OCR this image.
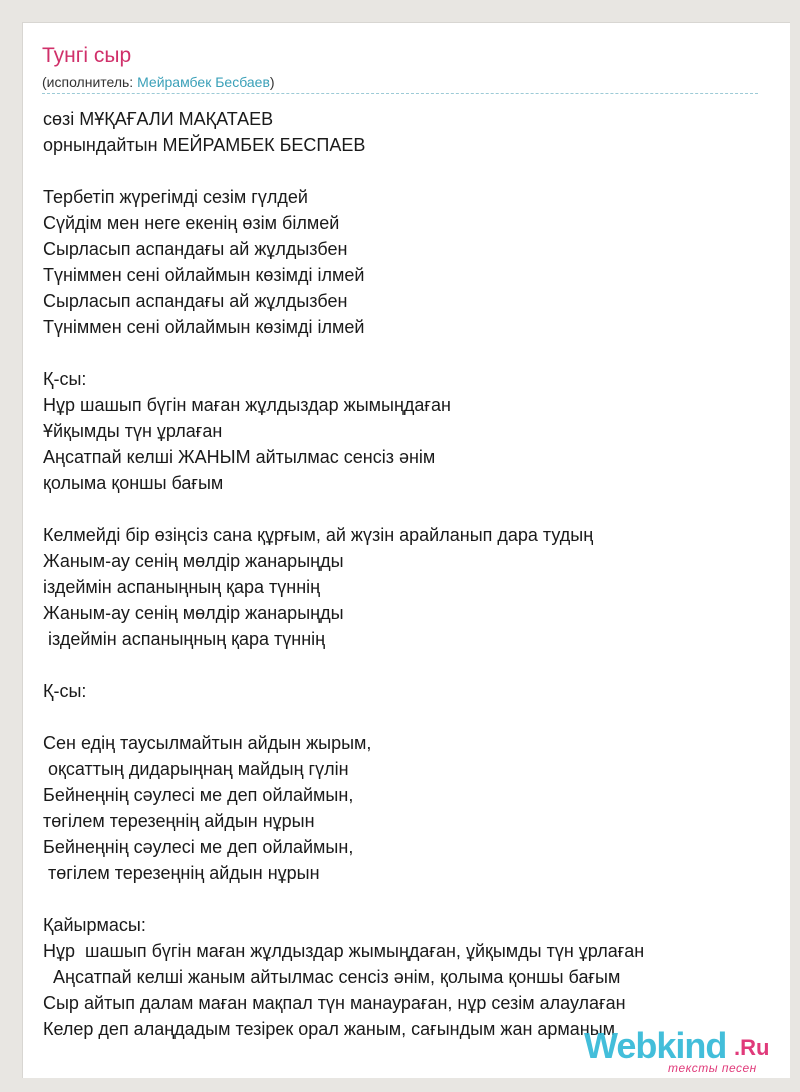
Тунгі сыр
(исполнитель: Мейрамбек Бесбаев)
сөзі МҰҚАҒАЛИ МАҚАТАЕВ
орнындайтын МЕЙРАМБЕК БЕСПАЕВ
Тербетіп жүрегімді сезім гүлдей
Сүйдім мен неге екенің өзім білмей
Сырласып аспандағы ай жұлдызбен
Түніммен сені ойлаймын көзімді ілмей
Сырласып аспандағы ай жұлдызбен
Түніммен сені ойлаймын көзімді ілмей
Қ-сы:
Нұр шашып бүгін маған жұлдыздар жымыңдаған
Ұйқымды түн ұрлаған
Аңсатпай келші ЖАНЫМ айтылмас сенсіз әнім
қолыма қоншы бағым
Келмейді бір өзіңсіз сана құрғым, ай жүзін арайланып дара тудың
Жаным-ау сенің мөлдір жанарыңды
іздеймін аспаныңның қара түннің
Жаным-ау сенің мөлдір жанарыңды
іздеймін аспаныңның қара түннің
Қ-сы:
Сен едің таусылмайтын айдын жырым,
оқсаттың дидарыңнаң майдың гүлін
Бейнеңнің сәулесі ме деп ойлаймын,
төгілем терезеңнің айдын нұрын
Бейнеңнің сәулесі ме деп ойлаймын,
төгілем терезеңнің айдын нұрын
Қайырмасы:
Нұр  шашып бүгін маған жұлдыздар жымыңдаған, ұйқымды түн ұрлаған
Аңсатпай келші жаным айтылмас сенсіз әнім, қолыма қоншы бағым
Сыр айтып далам маған мақпал түн манаураған, нұр сезім алаулаған
Келер деп алаңдадым тезірек орал жаным, сағындым жан арманым
Webkind .Ru
тексты песен
